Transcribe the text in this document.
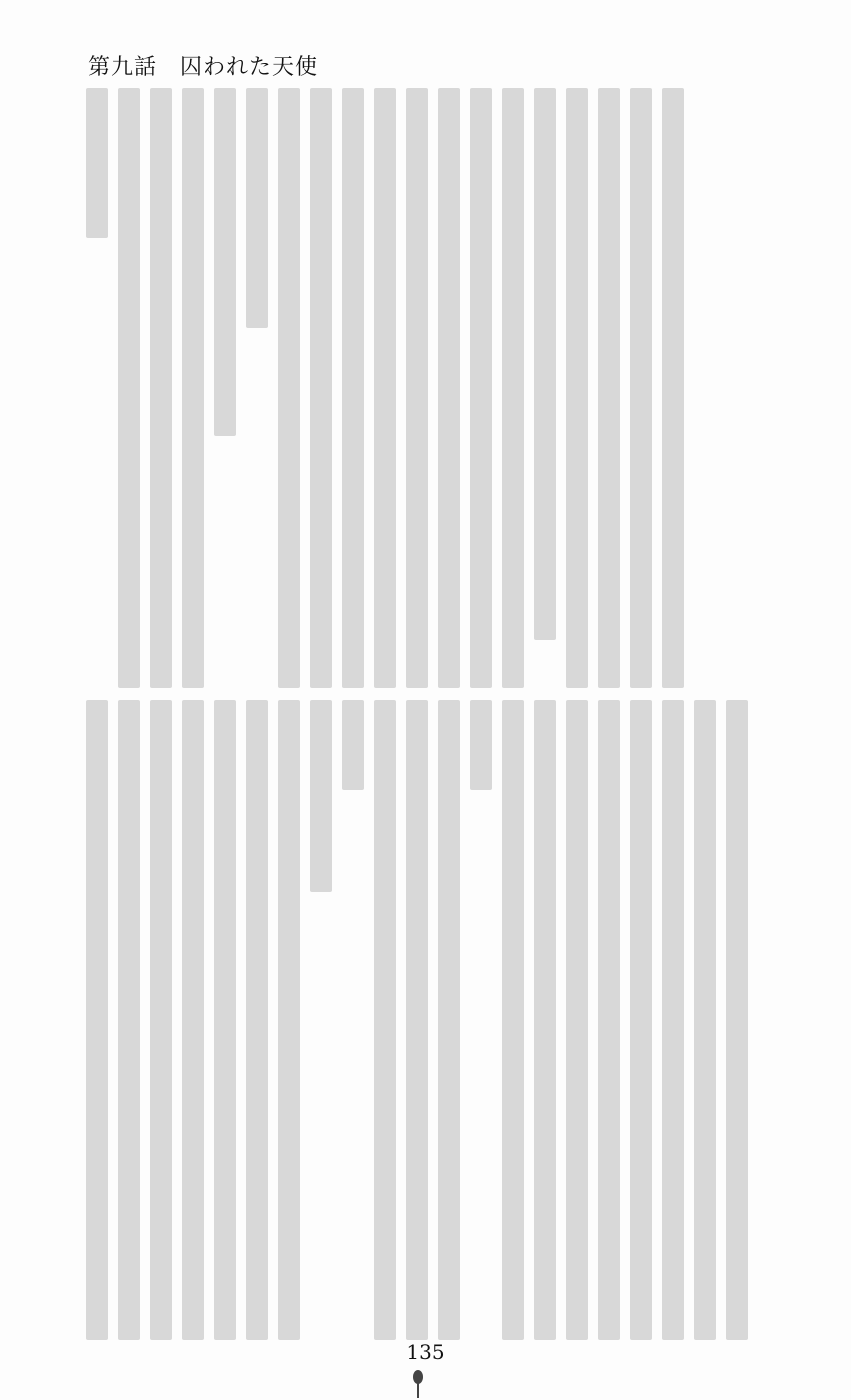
第九話　囚われた天使
135
